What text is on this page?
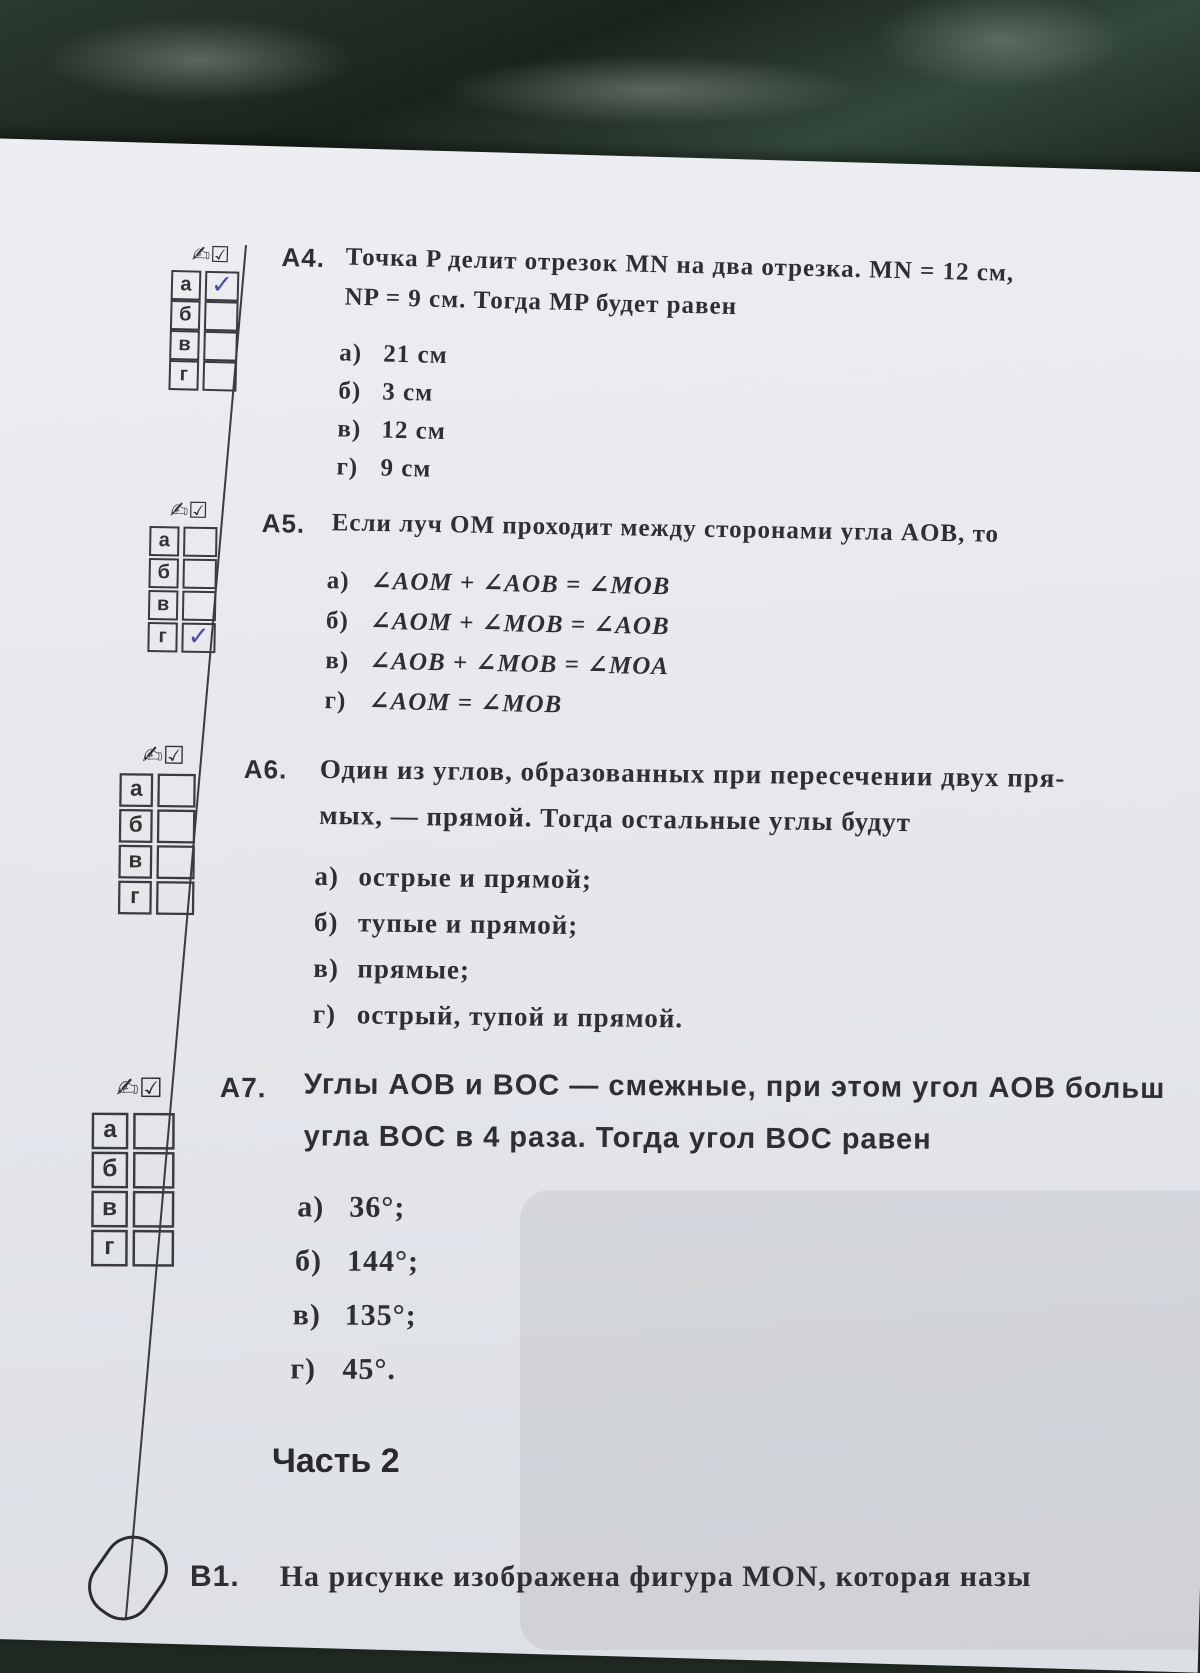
A4. Точка P делит отрезок MN на два отрезка. MN = 12 см,
NP = 9 см. Тогда MP будет равен
а) 21 см
б) 3 см
в) 12 см
г) 9 см
✍☑
а ✓
б
в
г
A5. Если луч OM проходит между сторонами угла AOB, то
а) ∠AOM + ∠AOB = ∠MOB
б) ∠AOM + ∠MOB = ∠AOB
в) ∠AOB + ∠MOB = ∠MOA
г) ∠AOM = ∠MOB
✍☑
а
б
в
г ✓
A6. Один из углов, образованных при пересечении двух пря-
мых, — прямой. Тогда остальные углы будут
а) острые и прямой;
б) тупые и прямой;
в) прямые;
г) острый, тупой и прямой.
✍☑
а
б
в
г
A7. Углы AOB и BOC — смежные, при этом угол AOB больш
угла BOC в 4 раза. Тогда угол BOC равен
а) 36°;
б) 144°;
в) 135°;
г) 45°.
✍☑
а
б
в
г
Часть 2
B1. На рисунке изображена фигура MON, которая назы
